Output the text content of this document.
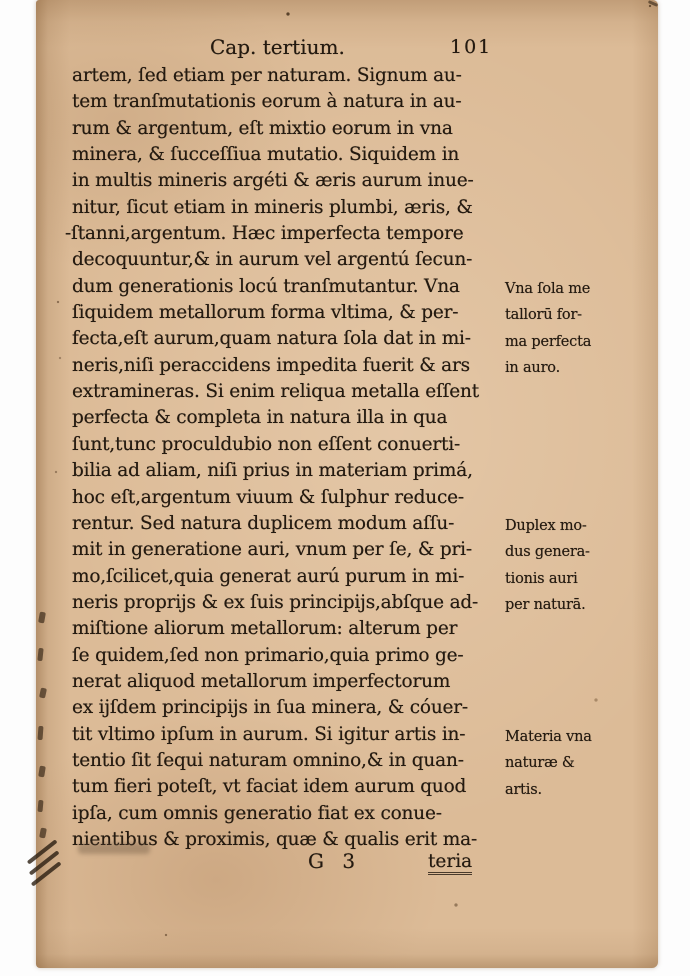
Cap. tertium.	101
artem, ſed etiam per naturam. Signum au-
tem tranſmutationis eorum à natura in au-
rum & argentum, eſt mixtio eorum in vna
minera, & ſucceſſiua mutatio. Siquidem in
in multis mineris argéti & æris aurum inue-
nitur, ſicut etiam in mineris plumbi, æris, &
-ſtanni,argentum. Hæc imperfecta tempore
decoquuntur,& in aurum vel argentú ſecun-
dum generationis locú tranſmutantur. Vna
ſiquidem metallorum forma vltima, & per-
fecta,eſt aurum,quam natura ſola dat in mi-
neris,niſi peraccidens impedita fuerit & ars
extramineras. Si enim reliqua metalla eſſent
perfecta & completa in natura illa in qua
ſunt,tunc proculdubio non eſſent conuerti-
bilia ad aliam, niſi prius in materiam primá,
hoc eſt,argentum viuum & ſulphur reduce-
rentur. Sed natura duplicem modum aſſu-
mit in generatione auri, vnum per ſe, & pri-
mo,ſcilicet,quia generat aurú purum in mi-
neris proprijs & ex ſuis principijs,abſque ad-
miſtione aliorum metallorum: alterum per
ſe quidem,ſed non primario,quia primo ge-
nerat aliquod metallorum imperfectorum
ex ijſdem principijs in ſua minera, & cóuer-
tit vltimo ipſum in aurum. Si igitur artis in-
tentio ſit ſequi naturam omnino,& in quan-
tum fieri poteſt, vt faciat idem aurum quod
ipſa, cum omnis generatio fiat ex conue-
nientibus & proximis, quæ & qualis erit ma-
Vna ſola me
tallorū for-
ma perfecta
in auro.
Duplex mo-
dus genera-
tionis auri
per naturā.
Materia vna
naturæ &
artis.
G 3	teria
